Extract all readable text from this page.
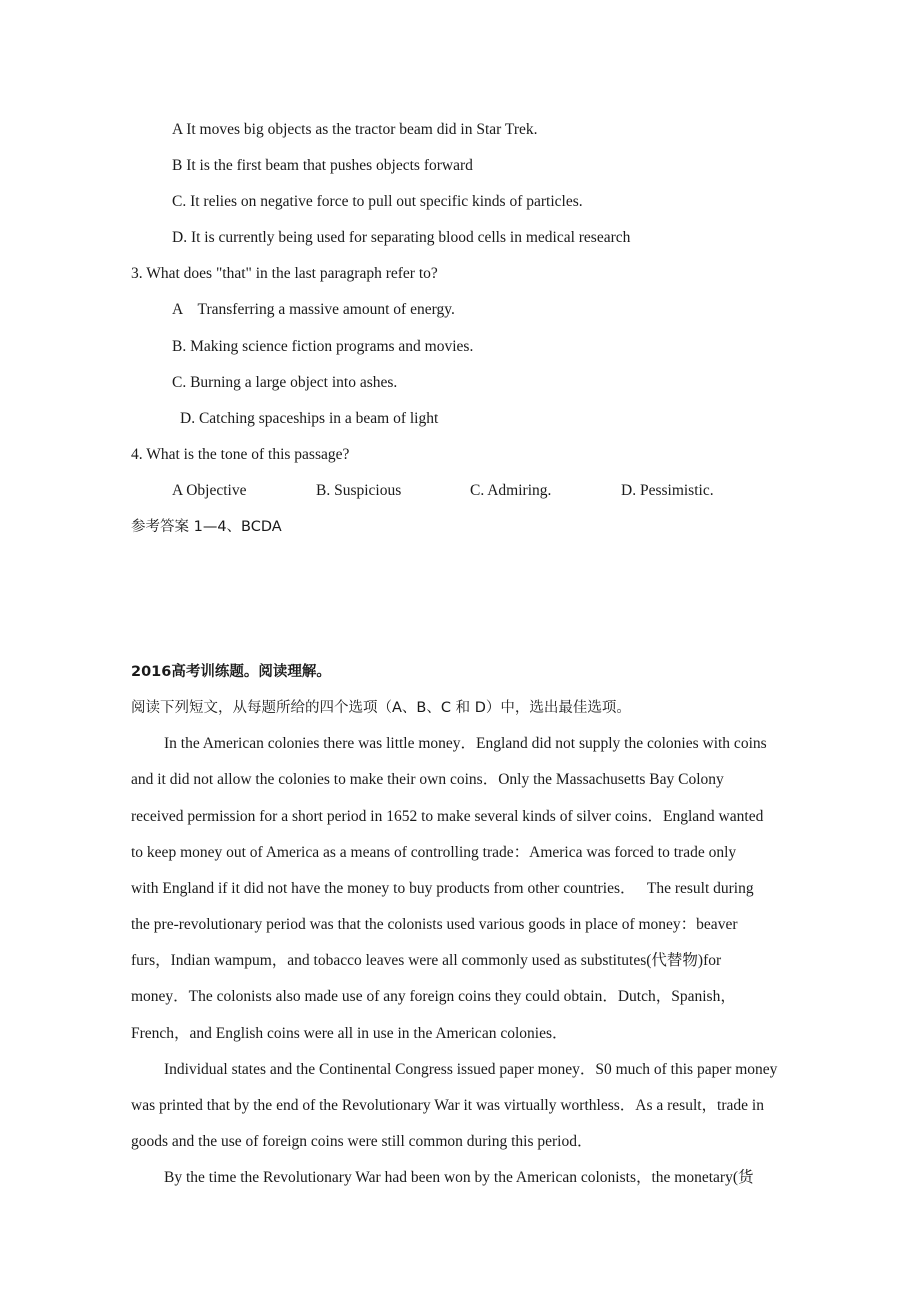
A It moves big objects as the tractor beam did in Star Trek.
B It is the first beam that pushes objects forward
C. It relies on negative force to pull out specific kinds of particles.
D. It is currently being used for separating blood cells in medical research
3. What does "that" in the last paragraph refer to?
A    Transferring a massive amount of energy.
B. Making science fiction programs and movies.
C. Burning a large object into ashes.
D. Catching spaceships in a beam of light
4. What is the tone of this passage?
A Objective	B. Suspicious	C. Admiring.	D. Pessimistic.
参考答案 1—4、BCDA
2016高考训练题。阅读理解。
阅读下列短文，从每题所给的四个选项（A、B、C 和 D）中，选出最佳选项。
In the American colonies there was little money．England did not supply the colonies with coins
and it did not allow the colonies to make their own coins．Only the Massachusetts Bay Colony
received permission for a short period in 1652 to make several kinds of silver coins．England wanted
to keep money out of America as a means of controlling trade：America was forced to trade only
with England if it did not have the money to buy products from other countries．   The result during
the pre-revolutionary period was that the colonists used various goods in place of money：beaver
furs，Indian wampum，and tobacco leaves were all commonly used as substitutes(代替物)for
money．The colonists also made use of any foreign coins they could obtain．Dutch，Spanish，
French，and English coins were all in use in the American colonies．
Individual states and the Continental Congress issued paper money．S0 much of this paper money
was printed that by the end of the Revolutionary War it was virtually worthless．As a result，trade in
goods and the use of foreign coins were still common during this period．
By the time the Revolutionary War had been won by the American colonists，the monetary(货
